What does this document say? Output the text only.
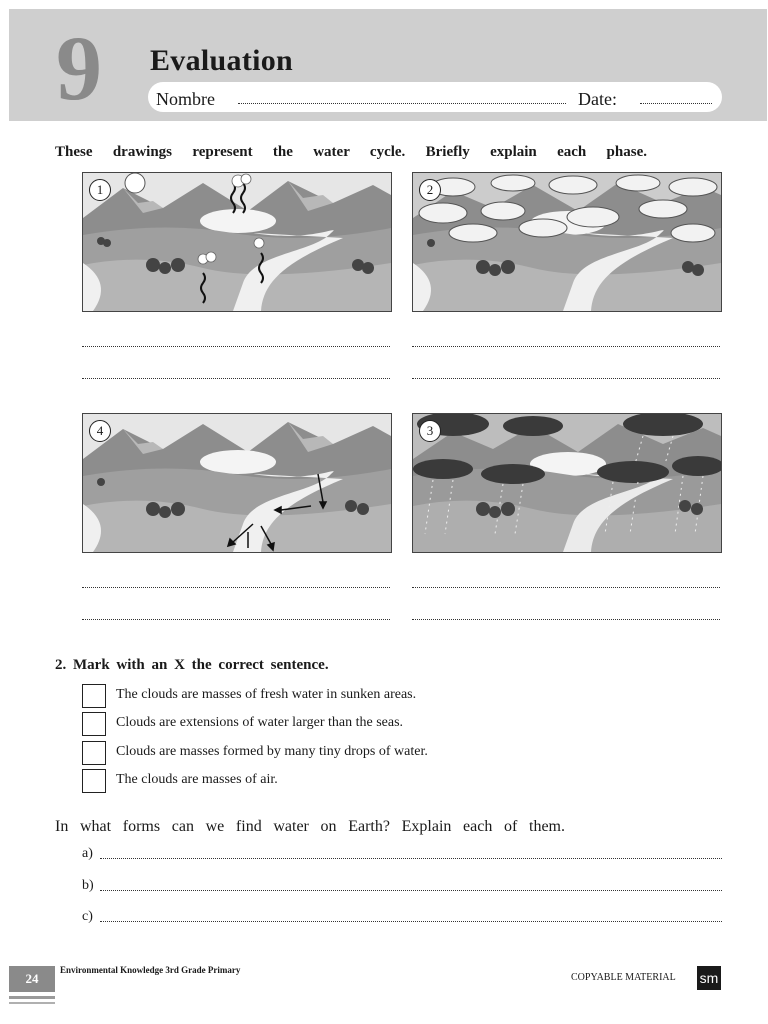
9 Evaluation
Nombre	Date:
These drawings represent the water cycle. Briefly explain each phase.
1	2
4	3
2. Mark with an X the correct sentence.
The clouds are masses of fresh water in sunken areas.
Clouds are extensions of water larger than the seas.
Clouds are masses formed by many tiny drops of water.
The clouds are masses of air.
In what forms can we find water on Earth? Explain each of them.
a)
b)
c)
24
Environmental Knowledge 3rd Grade Primary
COPYABLE MATERIAL sm
